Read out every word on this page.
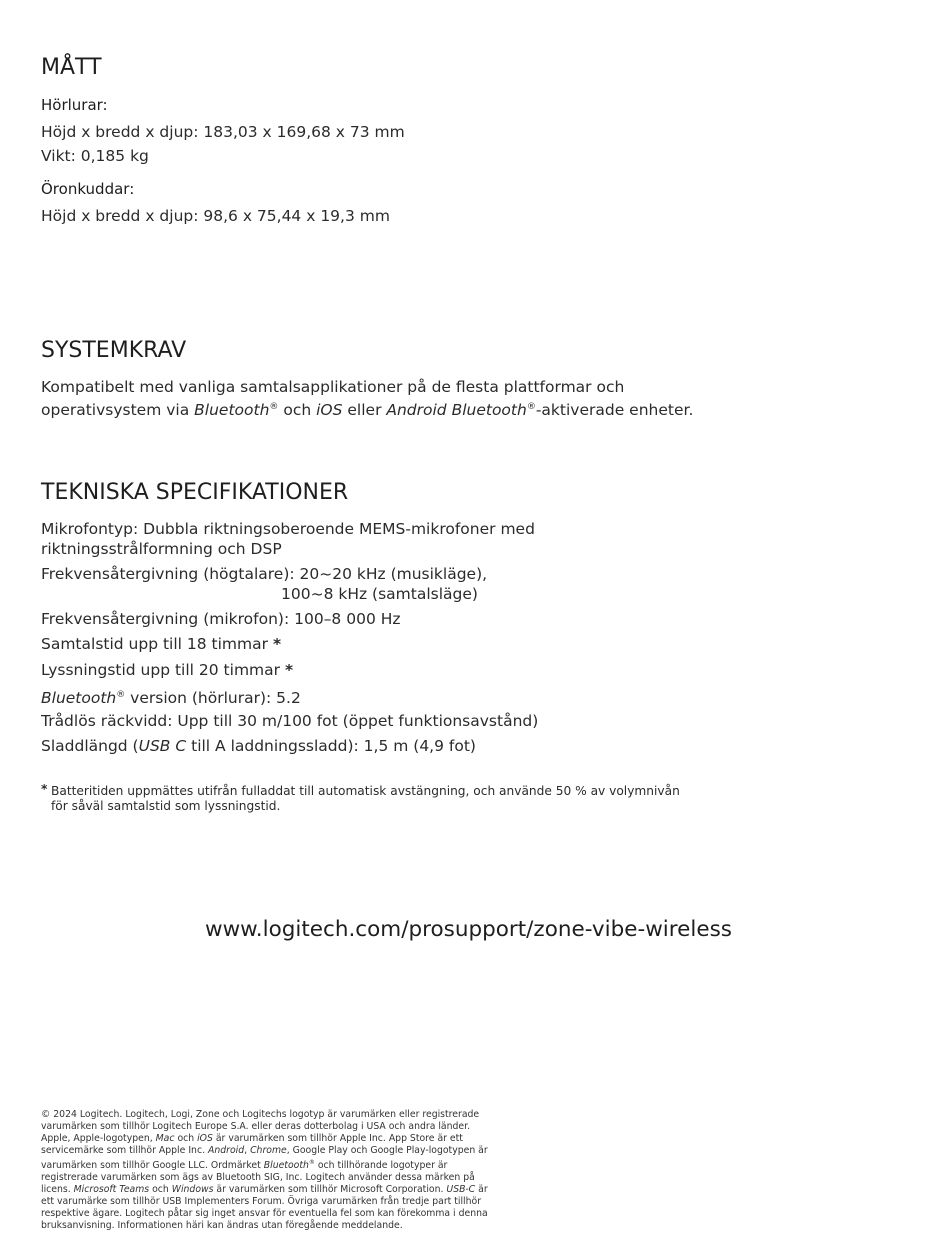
MÅTT
Hörlurar:
Höjd x bredd x djup: 183,03 x 169,68 x 73 mm
Vikt: 0,185 kg
Öronkuddar:
Höjd x bredd x djup: 98,6 x 75,44 x 19,3 mm
SYSTEMKRAV
Kompatibelt med vanliga samtalsapplikationer på de flesta plattformar och
operativsystem via Bluetooth® och iOS eller Android Bluetooth®-aktiverade enheter.
TEKNISKA SPECIFIKATIONER
Mikrofontyp: Dubbla riktningsoberoende MEMS-mikrofoner med
riktningsstrålformning och DSP
Frekvensåtergivning (högtalare): 20~20 kHz (musikläge),
100~8 kHz (samtalsläge)
Frekvensåtergivning (mikrofon): 100–8 000 Hz
Samtalstid upp till 18 timmar *
Lyssningstid upp till 20 timmar *
Bluetooth® version (hörlurar): 5.2
Trådlös räckvidd: Upp till 30 m/100 fot (öppet funktionsavstånd)
Sladdlängd (USB C till A laddningssladd): 1,5 m (4,9 fot)
* Batteritiden uppmättes utifrån fulladdat till automatisk avstängning, och använde 50 % av volymnivån för såväl samtalstid som lyssningstid.
www.logitech.com/prosupport/zone-vibe-wireless
© 2024 Logitech. Logitech, Logi, Zone och Logitechs logotyp är varumärken eller registrerade varumärken som tillhör Logitech Europe S.A. eller deras dotterbolag i USA och andra länder. Apple, Apple-logotypen, Mac och iOS är varumärken som tillhör Apple Inc. App Store är ett servicemärke som tillhör Apple Inc. Android, Chrome, Google Play och Google Play-logotypen är varumärken som tillhör Google LLC. Ordmärket Bluetooth® och tillhörande logotyper är registrerade varumärken som ägs av Bluetooth SIG, Inc. Logitech använder dessa märken på licens. Microsoft Teams och Windows är varumärken som tillhör Microsoft Corporation. USB-C är ett varumärke som tillhör USB Implementers Forum. Övriga varumärken från tredje part tillhör respektive ägare. Logitech påtar sig inget ansvar för eventuella fel som kan förekomma i denna bruksanvisning. Informationen häri kan ändras utan föregående meddelande.
